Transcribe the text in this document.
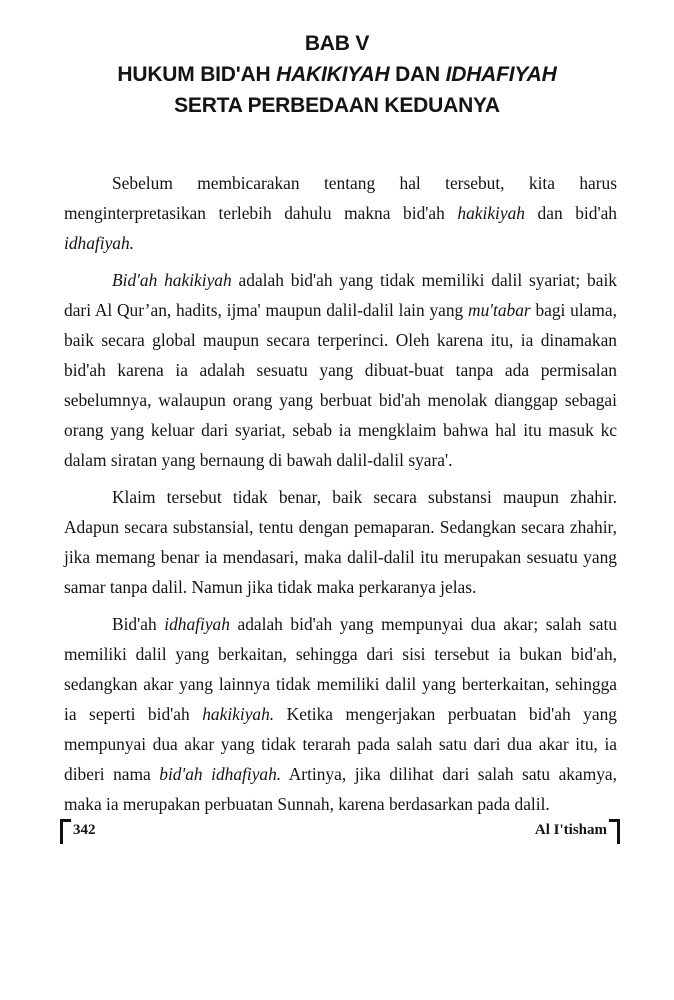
BAB V
HUKUM BID'AH HAKIKIYAH DAN IDHAFIYAH
SERTA PERBEDAAN KEDUANYA

Sebelum membicarakan tentang hal tersebut, kita harus menginterpretasikan terlebih dahulu makna bid'ah hakikiyah dan bid'ah idhafiyah.

Bid'ah hakikiyah adalah bid'ah yang tidak memiliki dalil syariat; baik dari Al Qur’an, hadits, ijma' maupun dalil-dalil lain yang mu'tabar bagi ulama, baik secara global maupun secara terperinci. Oleh karena itu, ia dinamakan bid'ah karena ia adalah sesuatu yang dibuat-buat tanpa ada permisalan sebelumnya, walaupun orang yang berbuat bid'ah menolak dianggap sebagai orang yang keluar dari syariat, sebab ia mengklaim bahwa hal itu masuk kc dalam siratan yang bernaung di bawah dalil-dalil syara'.

Klaim tersebut tidak benar, baik secara substansi maupun zhahir. Adapun secara substansial, tentu dengan pemaparan. Sedangkan secara zhahir, jika memang benar ia mendasari, maka dalil-dalil itu merupakan sesuatu yang samar tanpa dalil. Namun jika tidak maka perkaranya jelas.

Bid'ah idhafiyah adalah bid'ah yang mempunyai dua akar; salah satu memiliki dalil yang berkaitan, sehingga dari sisi tersebut ia bukan bid'ah, sedangkan akar yang lainnya tidak memiliki dalil yang berterkaitan, sehingga ia seperti bid'ah hakikiyah. Ketika mengerjakan perbuatan bid'ah yang mempunyai dua akar yang tidak terarah pada salah satu dari dua akar itu, ia diberi nama bid'ah idhafiyah. Artinya, jika dilihat dari salah satu akamya, maka ia merupakan perbuatan Sunnah, karena berdasarkan pada dalil.

342	Al I'tisham
